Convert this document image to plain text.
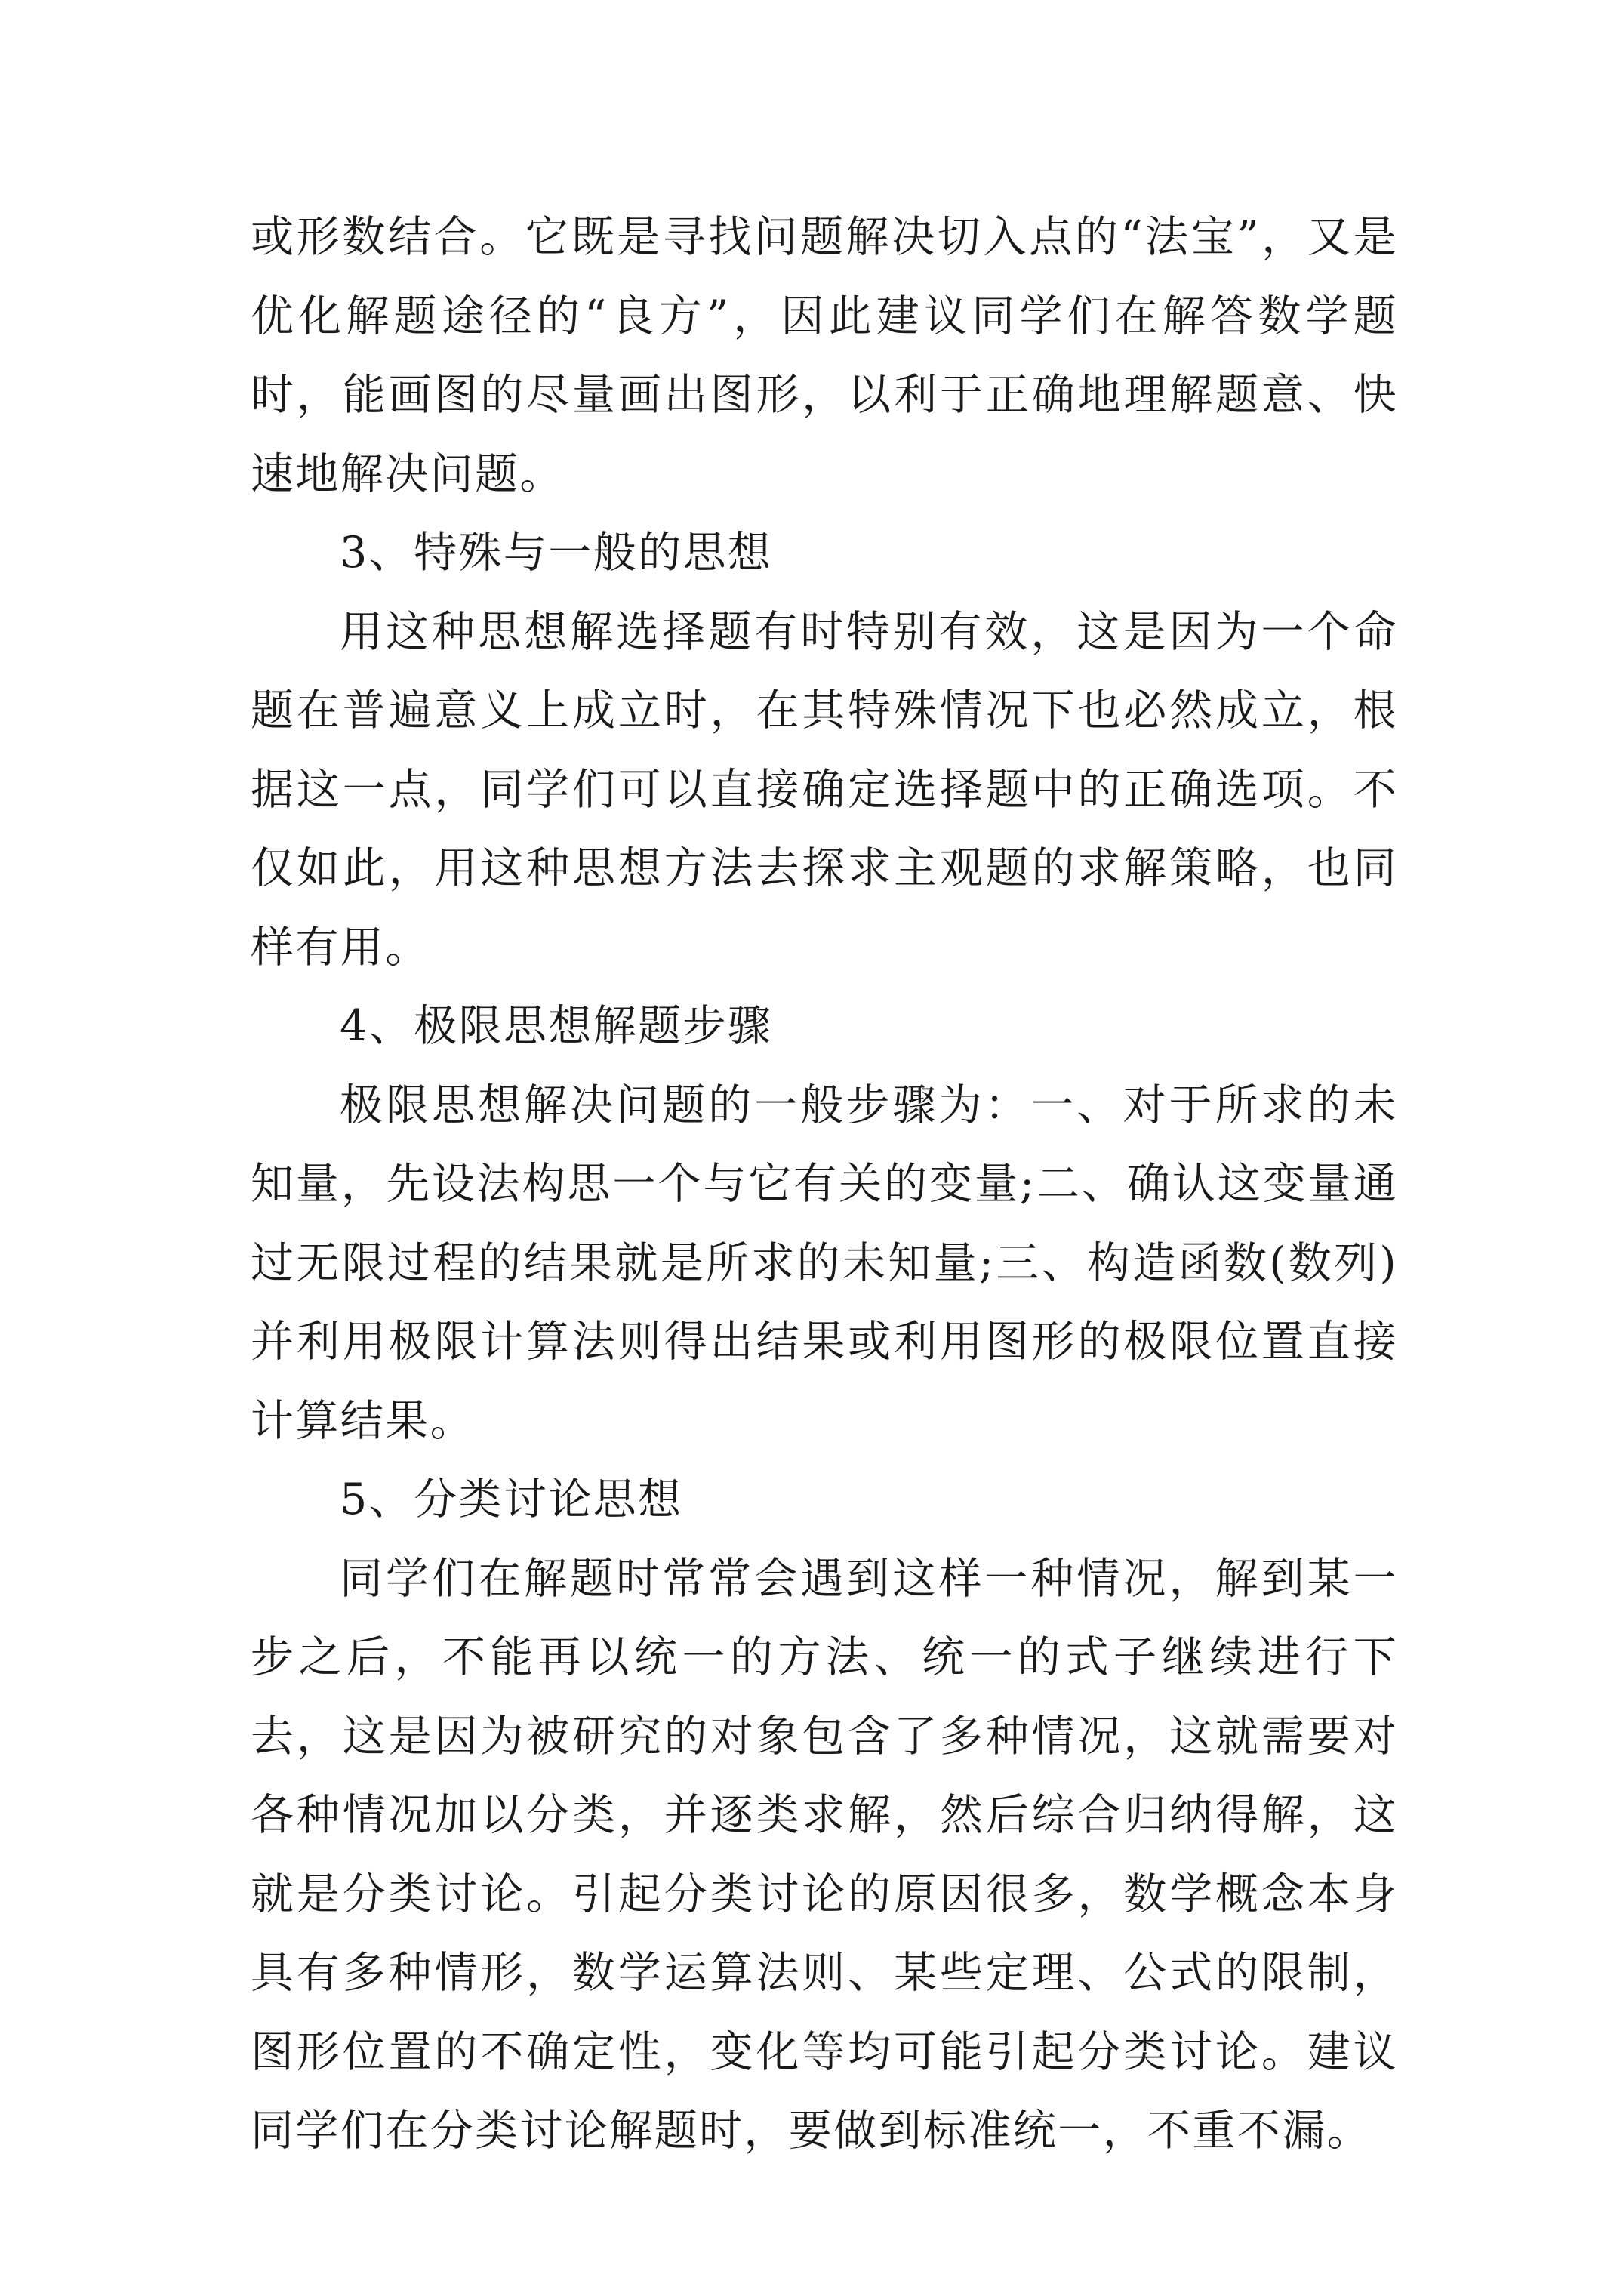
或形数结合。它既是寻找问题解决切入点的“法宝”，又是优化解题途径的“良方”，因此建议同学们在解答数学题时，能画图的尽量画出图形，以利于正确地理解题意、快速地解决问题。

3、特殊与一般的思想

用这种思想解选择题有时特别有效，这是因为一个命题在普遍意义上成立时，在其特殊情况下也必然成立，根据这一点，同学们可以直接确定选择题中的正确选项。不仅如此，用这种思想方法去探求主观题的求解策略，也同样有用。

4、极限思想解题步骤

极限思想解决问题的一般步骤为：一、对于所求的未知量，先设法构思一个与它有关的变量;二、确认这变量通过无限过程的结果就是所求的未知量;三、构造函数(数列)并利用极限计算法则得出结果或利用图形的极限位置直接计算结果。

5、分类讨论思想

同学们在解题时常常会遇到这样一种情况，解到某一步之后，不能再以统一的方法、统一的式子继续进行下去，这是因为被研究的对象包含了多种情况，这就需要对各种情况加以分类，并逐类求解，然后综合归纳得解，这就是分类讨论。引起分类讨论的原因很多，数学概念本身具有多种情形，数学运算法则、某些定理、公式的限制，图形位置的不确定性，变化等均可能引起分类讨论。建议同学们在分类讨论解题时，要做到标准统一，不重不漏。
